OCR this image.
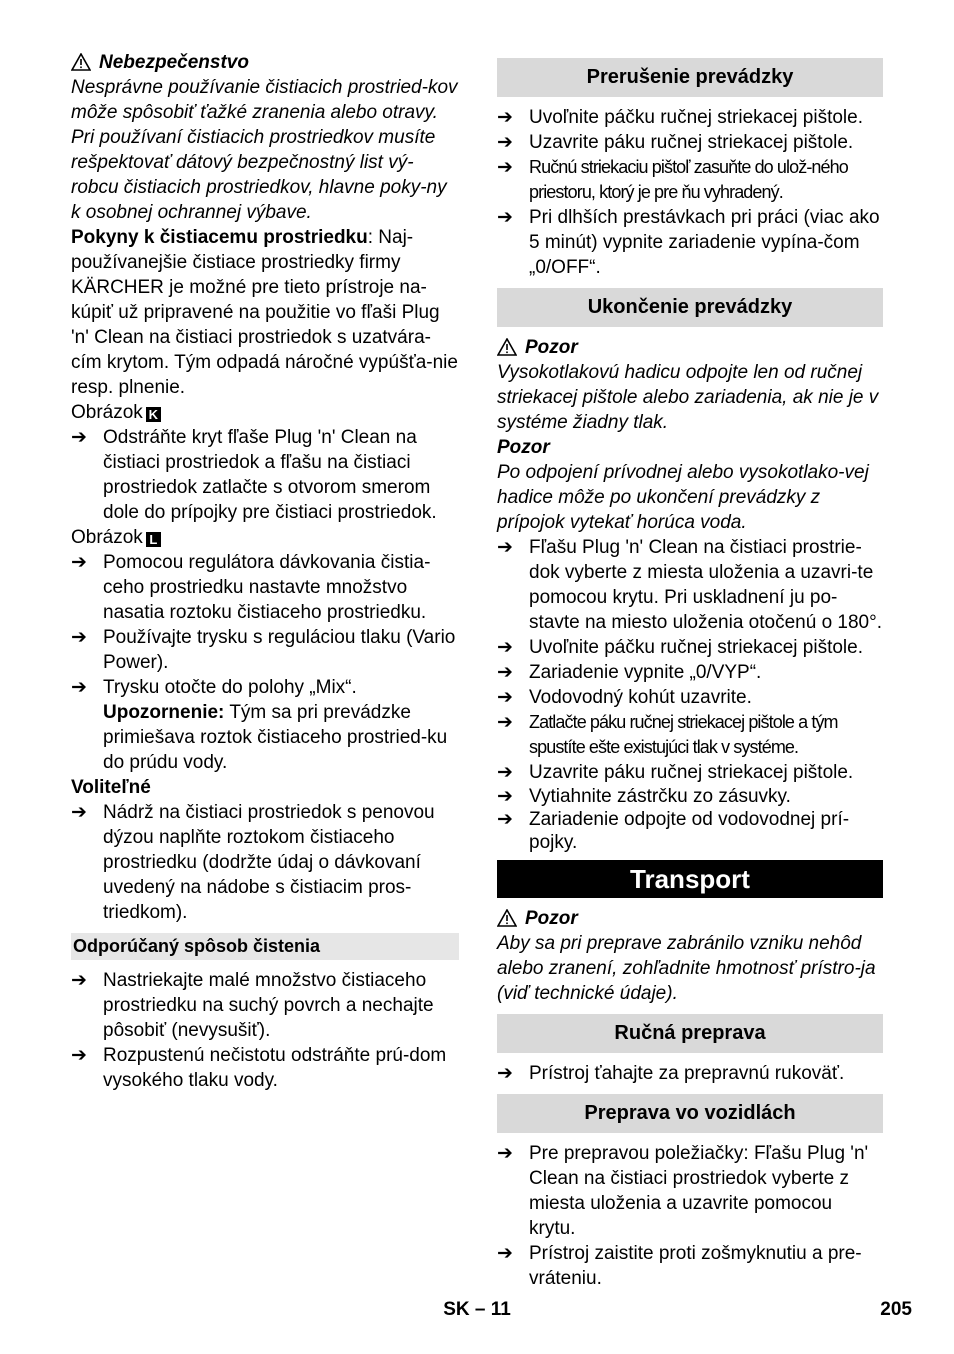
Nebezpečenstvo

Nesprávne používanie čistiacich prostried-kov môže spôsobiť ťažké zranenia alebo otravy.

Pri používaní čistiacich prostriedkov musíte rešpektovať dátový bezpečnostný list vý-robcu čistiacich prostriedkov, hlavne poky-ny k osobnej ochrannej výbave.

Pokyny k čistiacemu prostriedku: Naj-používanejšie čistiace prostriedky firmy KÄRCHER je možné pre tieto prístroje na-kúpiť už pripravené na použitie vo fľaši Plug 'n' Clean na čistiaci prostriedok s uzatvára-cím krytom. Tým odpadá náročné vypúšťa-nie resp. plnenie.

Obrázok K

➔ Odstráňte kryt fľaše Plug 'n' Clean na čistiaci prostriedok a fľašu na čistiaci prostriedok zatlačte s otvorom smerom dole do prípojky pre čistiaci prostriedok.

Obrázok L

➔ Pomocou regulátora dávkovania čistia-ceho prostriedku nastavte množstvo nasatia roztoku čistiaceho prostriedku.
➔ Používajte trysku s reguláciou tlaku (Vario Power).
➔ Trysku otočte do polohy „Mix“.

Upozornenie: Tým sa pri prevádzke primiešava roztok čistiaceho prostried-ku do prúdu vody.

Voliteľné

➔ Nádrž na čistiaci prostriedok s penovou dýzou naplňte roztokom čistiaceho prostriedku (dodržte údaj o dávkovaní uvedený na nádobe s čistiacim pros-triedkom).
Odporúčaný spôsob čistenia
➔ Nastriekajte malé množstvo čistiaceho prostriedku na suchý povrch a nechajte pôsobiť (nevysušiť).
➔ Rozpustenú nečistotu odstráňte prú-dom vysokého tlaku vody.
Prerušenie prevádzky
➔ Uvoľnite páčku ručnej striekacej pištole.
➔ Uzavrite páku ručnej striekacej pištole.
➔ Ručnú striekaciu pištoľ zasuňte do ulož-ného priestoru, ktorý je pre ňu vyhradený.
➔ Pri dlhších prestávkach pri práci (viac ako 5 minút) vypnite zariadenie vypína-čom „0/OFF“.
Ukončenie prevádzky
Pozor

Vysokotlakovú hadicu odpojte len od ručnej striekacej pištole alebo zariadenia, ak nie je v systéme žiadny tlak.

Pozor

Po odpojení prívodnej alebo vysokotlako-vej hadice môže po ukončení prevádzky z prípojok vytekať horúca voda.

➔ Fľašu Plug 'n' Clean na čistiaci prostrie-dok vyberte z miesta uloženia a uzavri-te pomocou krytu. Pri uskladnení ju po-stavte na miesto uloženia otočenú o 180°.
➔ Uvoľnite páčku ručnej striekacej pištole.
➔ Zariadenie vypnite „0/VYP“.
➔ Vodovodný kohút uzavrite.
➔ Zatlačte páku ručnej striekacej pištole a tým spustíte ešte existujúci tlak v systéme.
➔ Uzavrite páku ručnej striekacej pištole.
➔ Vytiahnite zástrčku zo zásuvky.
➔ Zariadenie odpojte od vodovodnej prí-pojky.
Transport
Pozor

Aby sa pri preprave zabránilo vzniku nehôd alebo zranení, zohľadnite hmotnosť prístro-ja (viď technické údaje).

Ručná preprava
➔ Prístroj ťahajte za prepravnú rukoväť.
Preprava vo vozidlách
➔ Pre prepravou poležiačky: Fľašu Plug 'n' Clean na čistiaci prostriedok vyberte z miesta uloženia a uzavrite pomocou krytu.
➔ Prístroj zaistite proti zošmyknutiu a pre-vráteniu.
SK – 11	205
